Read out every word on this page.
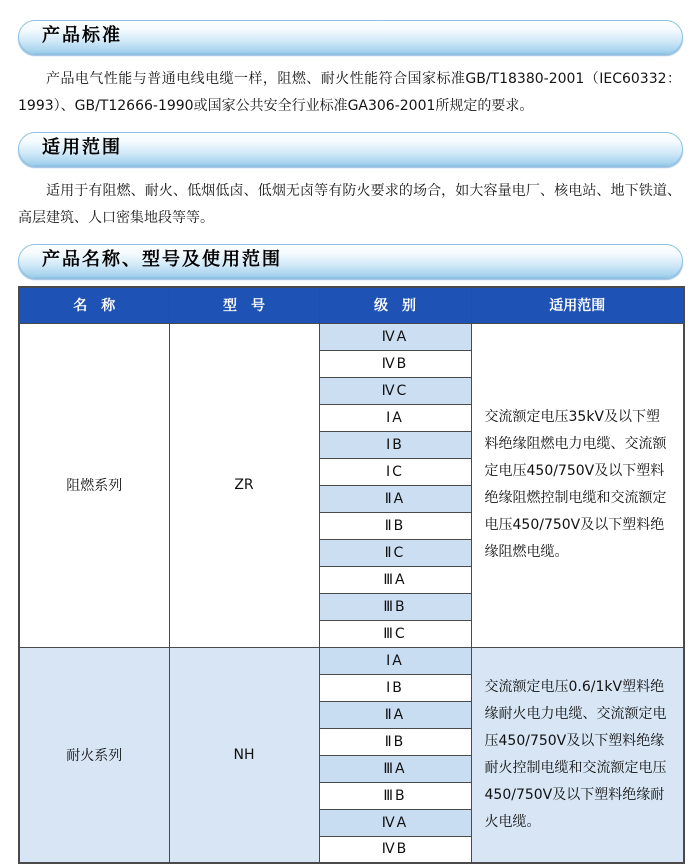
产品标准

产品电气性能与普通电线电缆一样，阻燃、耐火性能符合国家标准GB/T18380-2001（IEC60332：1993）、GB/T12666-1990或国家公共安全行业标准GA306-2001所规定的要求。

适用范围

适用于有阻燃、耐火、低烟低卤、低烟无卤等有防火要求的场合，如大容量电厂、核电站、地下铁道、高层建筑、人口密集地段等等。

产品名称、型号及使用范围
名　称	型　号	级　别	适用范围
阻燃系列	ZR	ⅣA	交流额定电压35kV及以下塑料绝缘阻燃电力电缆、交流额定电压450/750V及以下塑料绝缘阻燃控制电缆和交流额定电压450/750V及以下塑料绝缘阻燃电缆。
		ⅣB	
		ⅣC	
		ⅠA	
		ⅠB	
		ⅠC	
		ⅡA	
		ⅡB	
		ⅡC	
		ⅢA	
		ⅢB	
		ⅢC	
耐火系列	NH	ⅠA	交流额定电压0.6/1kV塑料绝缘耐火电力电缆、交流额定电压450/750V及以下塑料绝缘耐火控制电缆和交流额定电压450/750V及以下塑料绝缘耐火电缆。
		ⅠB	
		ⅡA	
		ⅡB	
		ⅢA	
		ⅢB	
		ⅣA	
		ⅣB	
